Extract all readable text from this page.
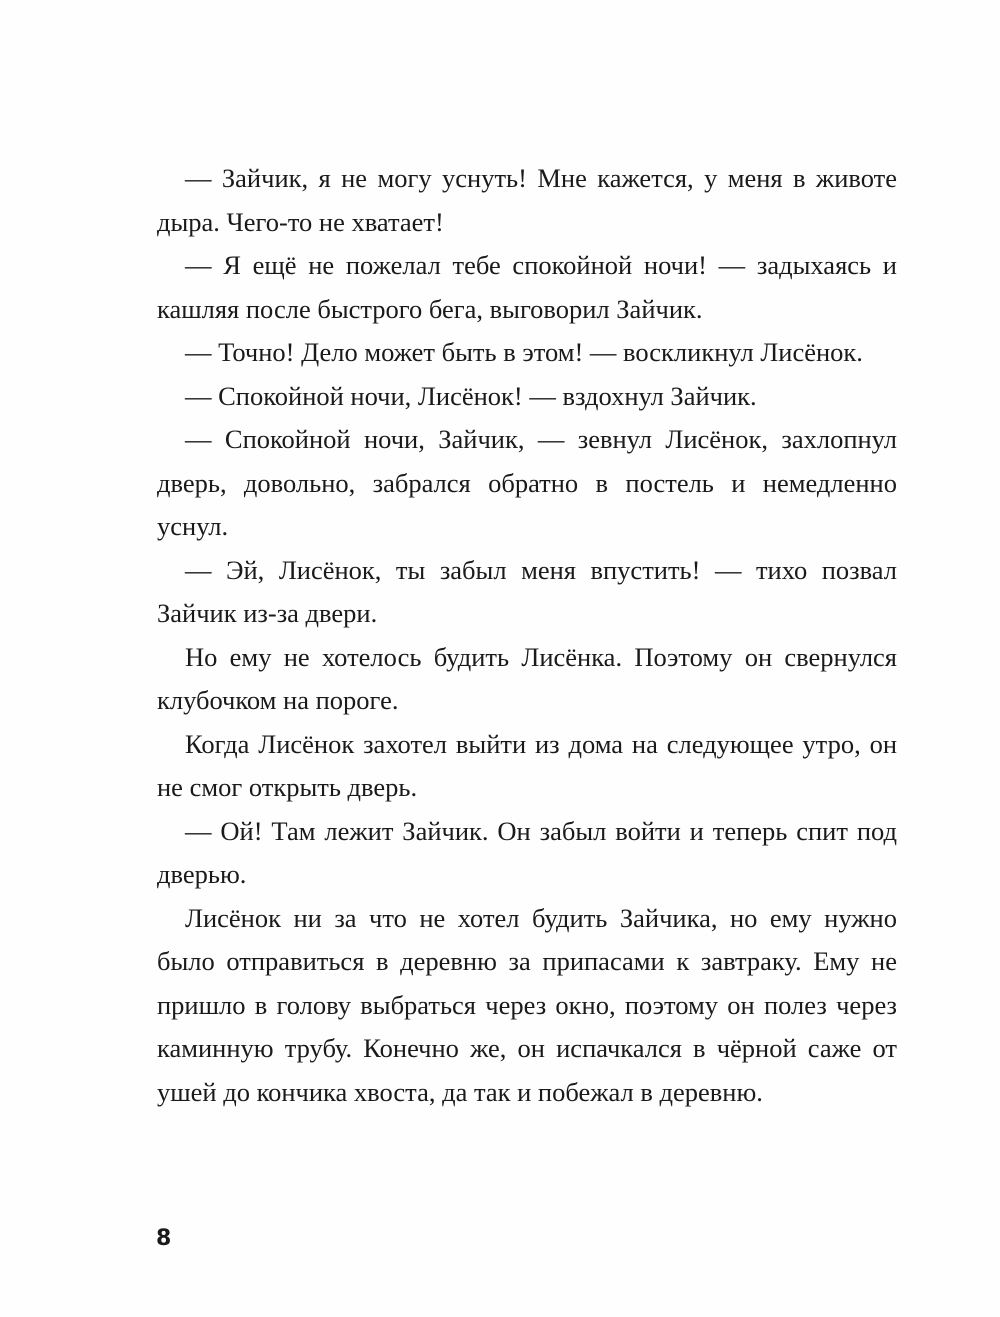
— Зайчик, я не могу уснуть! Мне кажется, у меня в животе дыра. Чего-то не хватает!

— Я ещё не пожелал тебе спокойной ночи! — задыхаясь и кашляя после быстрого бега, выговорил Зайчик.

— Точно! Дело может быть в этом! — воскликнул Лисёнок.

— Спокойной ночи, Лисёнок! — вздохнул Зайчик.

— Спокойной ночи, Зайчик, — зевнул Лисёнок, захлопнул дверь, довольно, забрался обратно в постель и немедленно уснул.

— Эй, Лисёнок, ты забыл меня впустить! — тихо позвал Зайчик из-за двери.

Но ему не хотелось будить Лисёнка. Поэтому он свернулся клубочком на пороге.

Когда Лисёнок захотел выйти из дома на следующее утро, он не смог открыть дверь.

— Ой! Там лежит Зайчик. Он забыл войти и теперь спит под дверью.

Лисёнок ни за что не хотел будить Зайчика, но ему нужно было отправиться в деревню за припасами к завтраку. Ему не пришло в голову выбраться через окно, поэтому он полез через каминную трубу. Конечно же, он испачкался в чёрной саже от ушей до кончика хвоста, да так и побежал в деревню.

8
